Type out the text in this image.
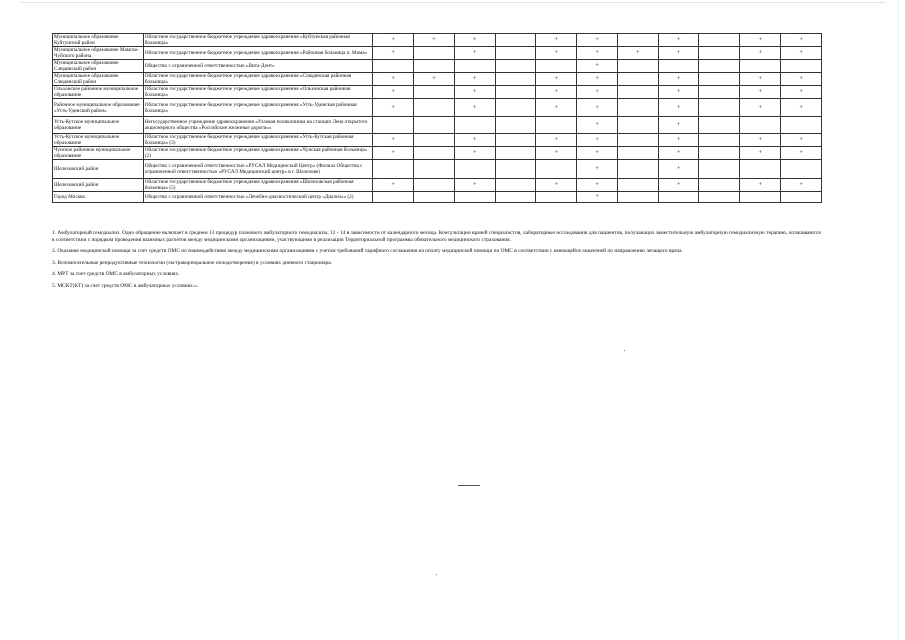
Муниципальное образование Куйтунский район	Областное государственное бюджетное учреждение здравоохранения «Куйтунская районная больница»	+	+	+		+	+		+		+	+
Муниципальное образование Мамско-Чуйского района	Областное государственное бюджетное учреждение здравоохранения «Районная больница п. Мама»	+		+		+	+	+	+		+	+
Муниципальное образование Слюдянский район	Общество с ограниченной ответственностью «Вита-Дент»						+					
Муниципальное образование Слюдянский район	Областное государственное бюджетное учреждение здравоохранения «Слюдянская районная больница»	+	+	+		+	+		+		+	+
Ольхонское районное муниципальное образование	Областное государственное бюджетное учреждение здравоохранения «Ольхонская районная больница»	+		+		+	+		+		+	+
Районное муниципальное образование «Усть-Удинский район»	Областное государственное бюджетное учреждение здравоохранения «Усть-Удинская районная больница»	+		+		+	+		+		+	+
Усть-Кутское муниципальное образование	Негосударственное учреждение здравоохранения «Узловая поликлиника на станции Лена открытого акционерного общества «Российские железные дороги»»						+		+			
Усть-Кутское муниципальное образование	Областное государственное бюджетное учреждение здравоохранения «Усть-Кутская районная больница» (3)	+		+		+	+		+		+	+
Чунское районное муниципальное образование	Областное государственное бюджетное учреждение здравоохранения «Чунская районная больница» (2)	+		+		+	+		+		+	+
Шелеховский район	Общество с ограниченной ответственностью «РУСАЛ Медицинский Центр» (Филиал Общества с ограниченной ответственностью «РУСАЛ Медицинский центр» в г. Шелехове)						+		+			
Шелеховский район	Областное государственное бюджетное учреждение здравоохранения «Шелеховская районная больница» (5)	+		+		+	+		+		+	+
Город Москва	Общество с ограниченной ответственностью «Лечебно-диагностический центр «Диализ»» (2)						+					

1. Амбулаторный гемодиализ. Одно обращение включает в среднем 13 процедур планового амбулаторного гемодиализа, 12 - 14 в зависимости от календарного месяца. Консультации врачей специалистов, лабораторные исследования для пациентов, получающих заместительную амбулаторную гемодиализную терапию, оплачиваются в соответствии с порядком проведения взаимных расчетов между медицинскими организациями, участвующими в реализации Территориальной программы обязательного медицинского страхования.

2. Оказание медицинской помощи за счет средств ОМС по взаимодействию между медицинскими организациями с учетом требований тарифного соглашения на оплату медицинской помощи по ОМС в соответствии с имеющейся лицензией по направлению лечащего врача.

3. Вспомогательные репродуктивные технологии (экстракорпоральное оплодотворение) в условиях дневного стационара.

4. МРТ за счет средств ОМС в амбулаторных условиях.

5. МСКТ(КТ) за счет средств ОМС в амбулаторных условиях.».
